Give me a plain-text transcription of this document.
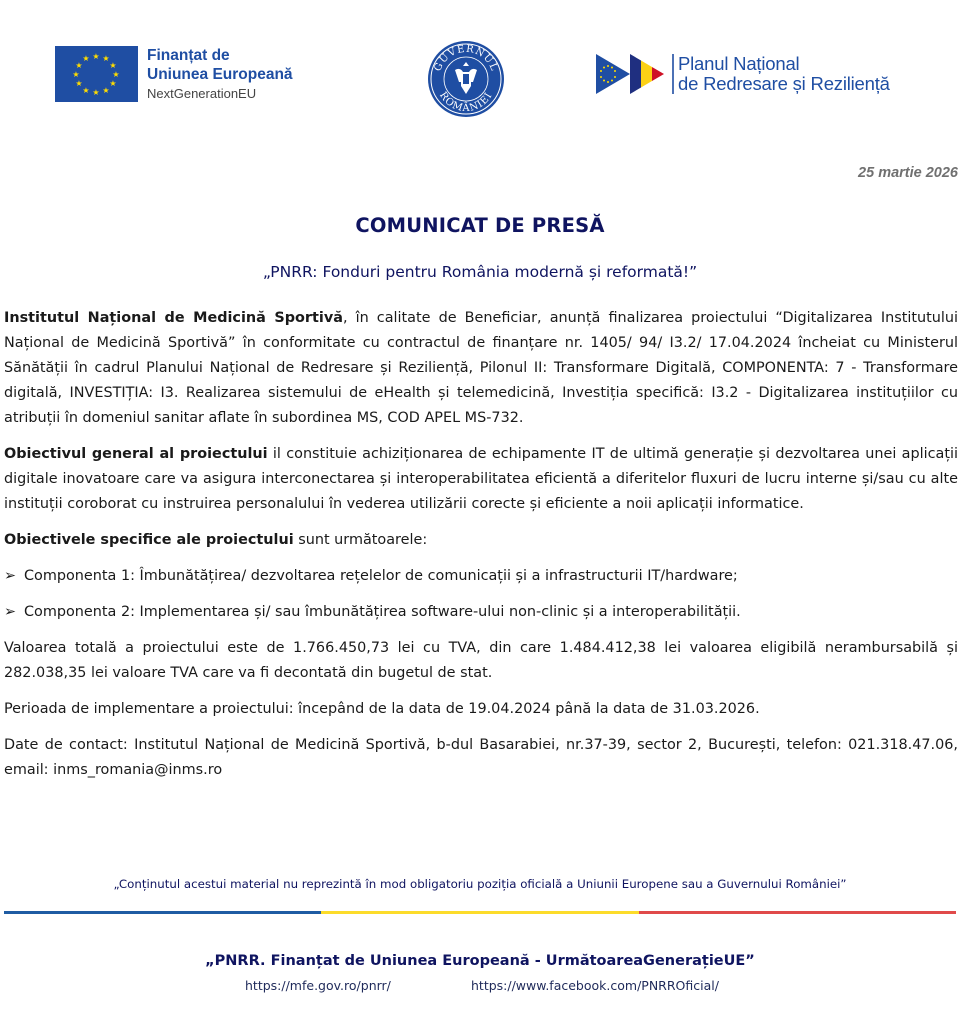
★ ★
★
★
★
★
★
★
★
★
★
★	Finanțat de
Uniunea Europeană
NextGenerationEU
GUVERNUL
ROMÂNIEI
Planul Național
de Redresare și Reziliență
25 martie 2026
COMUNICAT DE PRESĂ
„PNRR: Fonduri pentru România modernă și reformată!”

Institutul Național de Medicină Sportivă, în calitate de Beneficiar, anunță finalizarea proiectului “Digitalizarea Institutului Național de Medicină Sportivă” în conformitate cu contractul de finanțare nr. 1405/ 94/ I3.2/ 17.04.2024 încheiat cu Ministerul Sănătății în cadrul Planului Național de Redresare și Reziliență, Pilonul II: Transformare Digitală, COMPONENTA: 7 - Transformare digitală, INVESTIȚIA: I3. Realizarea sistemului de eHealth și telemedicină, Investiția specifică: I3.2 - Digitalizarea instituțiilor cu atribuții în domeniul sanitar aflate în subordinea MS, COD APEL MS-732.

Obiectivul general al proiectului il constituie achiziționarea de echipamente IT de ultimă generație și dezvoltarea unei aplicații digitale inovatoare care va asigura interconectarea și interoperabilitatea eficientă a diferitelor fluxuri de lucru interne și/sau cu alte instituții coroborat cu instruirea personalului în vederea utilizării corecte și eficiente a noii aplicații informatice.

Obiectivele specifice ale proiectului sunt următoarele:

➢ Componenta 1: Îmbunătățirea/ dezvoltarea rețelelor de comunicații și a infrastructurii IT/hardware;
➢ Componenta 2: Implementarea și/ sau îmbunătățirea software-ului non-clinic și a interoperabilității.

Valoarea totală a proiectului este de 1.766.450,73 lei cu TVA, din care 1.484.412,38 lei valoarea eligibilă nerambursabilă și 282.038,35 lei valoare TVA care va fi decontată din bugetul de stat.

Perioada de implementare a proiectului: începând de la data de 19.04.2024 până la data de 31.03.2026.

Date de contact: Institutul Național de Medicină Sportivă, b-dul Basarabiei, nr.37-39, sector 2, București, telefon: 021.318.47.06, email: inms_romania@inms.ro

„Conținutul acestui material nu reprezintă în mod obligatoriu poziția oficială a Uniunii Europene sau a Guvernului României”
„PNRR. Finanțat de Uniunea Europeană - UrmătoareaGenerațieUE”
https://mfe.gov.ro/pnrr/	https://www.facebook.com/PNRROficial/
